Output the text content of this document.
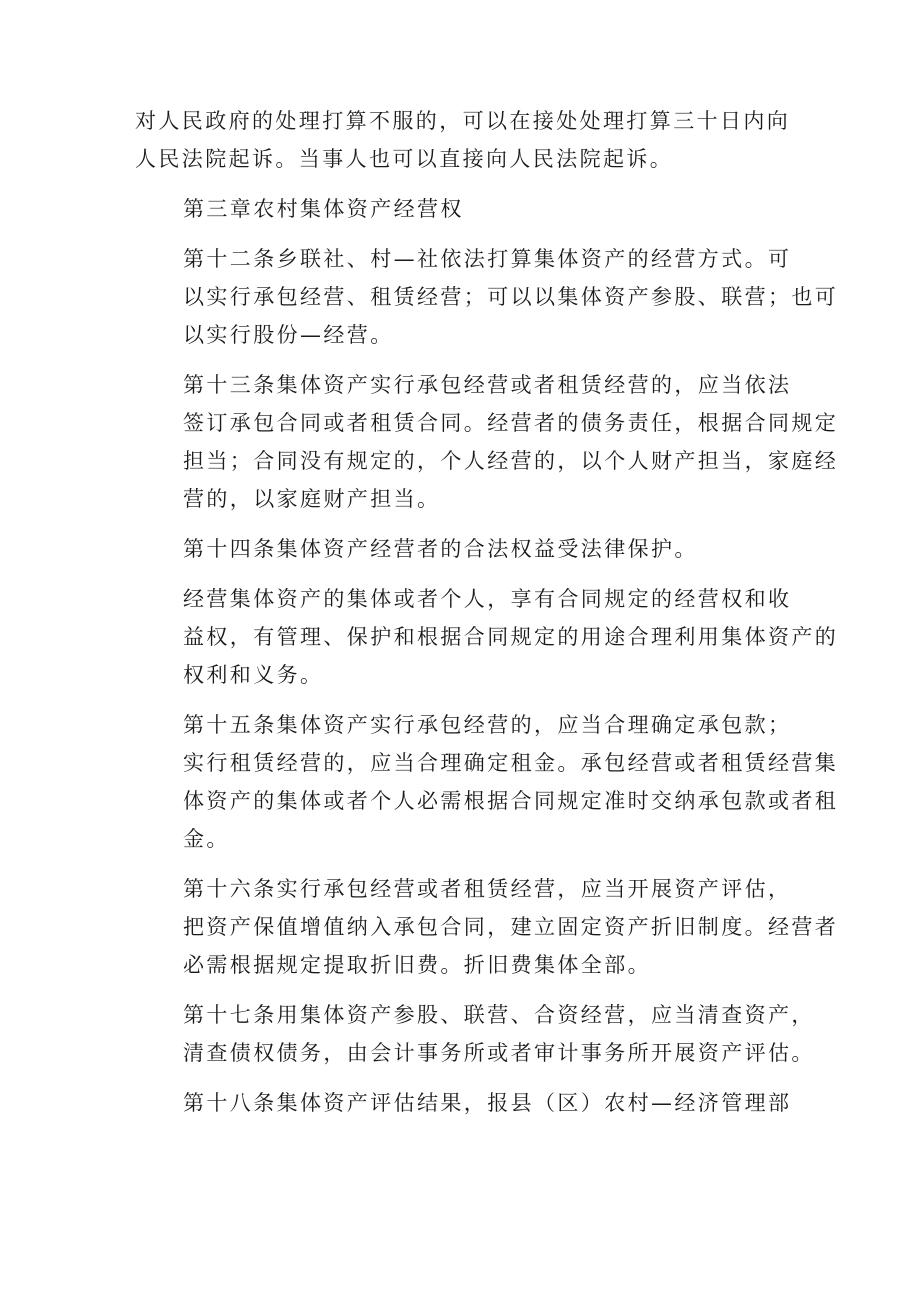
对人民政府的处理打算不服的，可以在接处处理打算三十日内向
人民法院起诉。当事人也可以直接向人民法院起诉。

第三章农村集体资产经营权

第十二条乡联社、村—社依法打算集体资产的经营方式。可
以实行承包经营、租赁经营；可以以集体资产参股、联营；也可
以实行股份—经营。

第十三条集体资产实行承包经营或者租赁经营的，应当依法
签订承包合同或者租赁合同。经营者的债务责任，根据合同规定
担当；合同没有规定的，个人经营的，以个人财产担当，家庭经
营的，以家庭财产担当。

第十四条集体资产经营者的合法权益受法律保护。

经营集体资产的集体或者个人，享有合同规定的经营权和收
益权，有管理、保护和根据合同规定的用途合理利用集体资产的
权利和义务。

第十五条集体资产实行承包经营的，应当合理确定承包款；
实行租赁经营的，应当合理确定租金。承包经营或者租赁经营集
体资产的集体或者个人必需根据合同规定准时交纳承包款或者租
金。

第十六条实行承包经营或者租赁经营，应当开展资产评估，
把资产保值增值纳入承包合同，建立固定资产折旧制度。经营者
必需根据规定提取折旧费。折旧费集体全部。

第十七条用集体资产参股、联营、合资经营，应当清查资产，
清查债权债务，由会计事务所或者审计事务所开展资产评估。

第十八条集体资产评估结果，报县（区）农村—经济管理部
